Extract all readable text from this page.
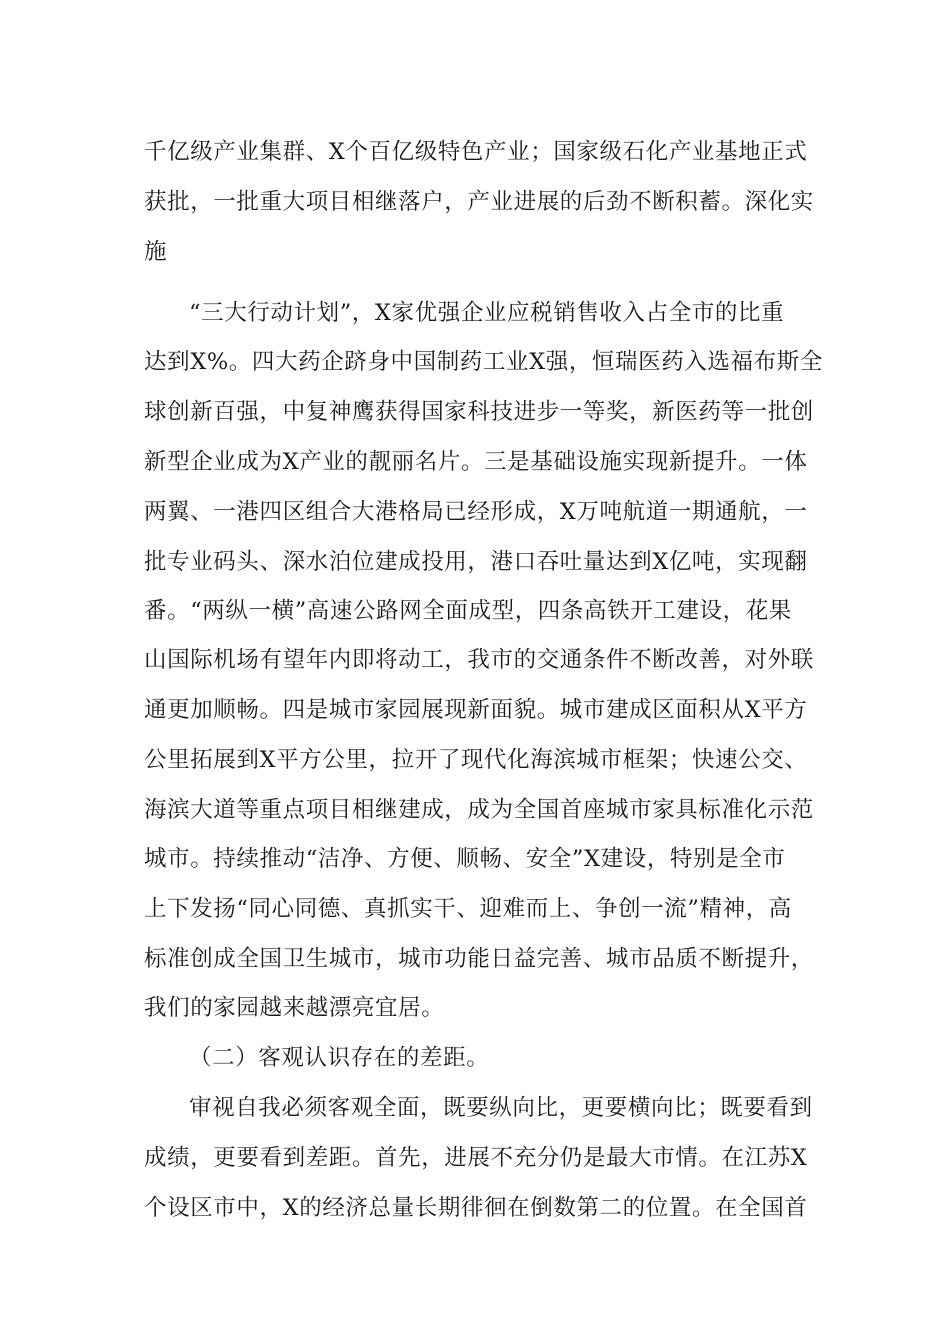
千亿级产业集群、X个百亿级特色产业；国家级石化产业基地正式

获批，一批重大项目相继落户，产业进展的后劲不断积蓄。深化实

施

“三大行动计划”，X家优强企业应税销售收入占全市的比重

达到X%。四大药企跻身中国制药工业X强，恒瑞医药入选福布斯全

球创新百强，中复神鹰获得国家科技进步一等奖，新医药等一批创

新型企业成为X产业的靓丽名片。三是基础设施实现新提升。一体

两翼、一港四区组合大港格局已经形成，X万吨航道一期通航，一

批专业码头、深水泊位建成投用，港口吞吐量达到X亿吨，实现翻

番。“两纵一横”高速公路网全面成型，四条高铁开工建设，花果

山国际机场有望年内即将动工，我市的交通条件不断改善，对外联

通更加顺畅。四是城市家园展现新面貌。城市建成区面积从X平方

公里拓展到X平方公里，拉开了现代化海滨城市框架；快速公交、

海滨大道等重点项目相继建成，成为全国首座城市家具标准化示范

城市。持续推动“洁净、方便、顺畅、安全”X建设，特别是全市

上下发扬“同心同德、真抓实干、迎难而上、争创一流”精神，高

标准创成全国卫生城市，城市功能日益完善、城市品质不断提升，

我们的家园越来越漂亮宜居。

（二）客观认识存在的差距。

审视自我必须客观全面，既要纵向比，更要横向比；既要看到

成绩，更要看到差距。首先，进展不充分仍是最大市情。在江苏X

个设区市中，X的经济总量长期徘徊在倒数第二的位置。在全国首
